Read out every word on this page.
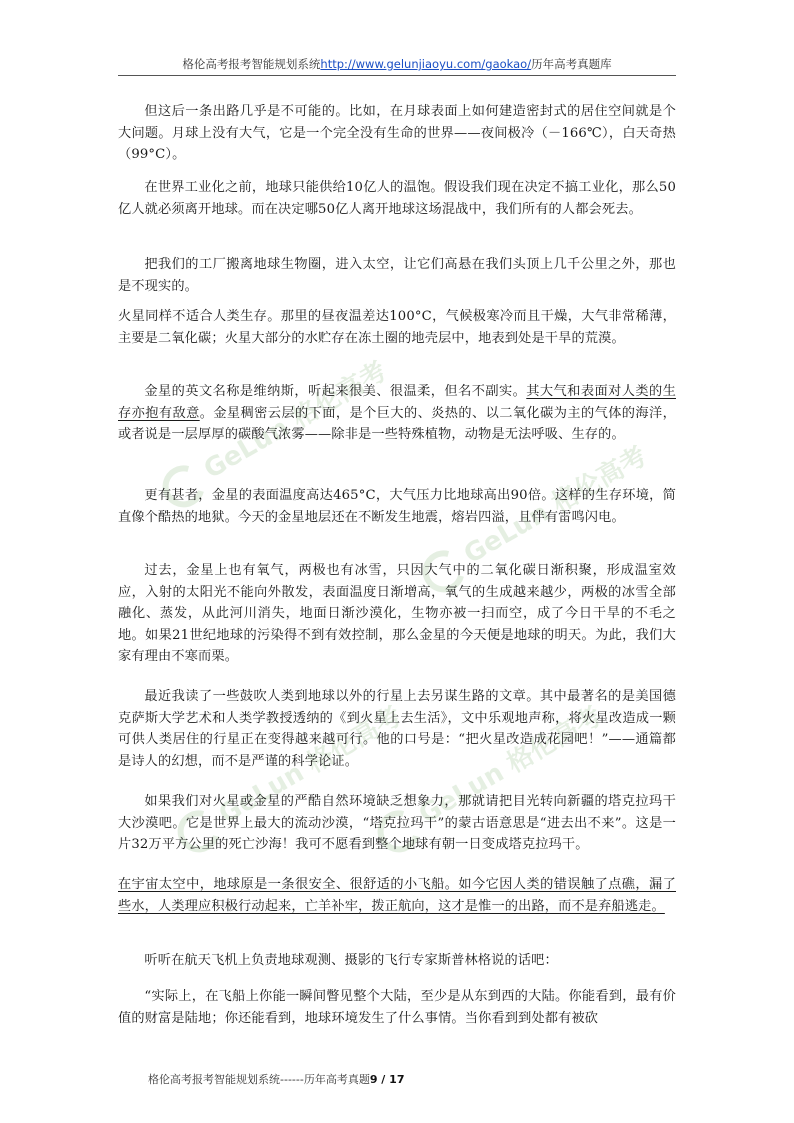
GeLun 格伦高考
GeLun 格伦高考
GeLun 格伦高考
GeLun 格伦高考
格伦高考报考智能规划系统http://www.gelunjiaoyu.com/gaokao/历年高考真题库

但这后一条出路几乎是不可能的。比如，在月球表面上如何建造密封式的居住空间就是个大问题。月球上没有大气，它是一个完全没有生命的世界——夜间极冷（－166℃），白天奇热（99°C）。

在世界工业化之前，地球只能供给10亿人的温饱。假设我们现在决定不搞工业化，那么50亿人就必须离开地球。而在决定哪50亿人离开地球这场混战中，我们所有的人都会死去。

把我们的工厂搬离地球生物圈，进入太空，让它们高悬在我们头顶上几千公里之外，那也是不现实的。

火星同样不适合人类生存。那里的昼夜温差达100°C，气候极寒冷而且干燥，大气非常稀薄，主要是二氧化碳；火星大部分的水贮存在冻土圈的地壳层中，地表到处是干旱的荒漠。

金星的英文名称是维纳斯，听起来很美、很温柔，但名不副实。其大气和表面对人类的生存亦抱有敌意。金星稠密云层的下面，是个巨大的、炎热的、以二氧化碳为主的气体的海洋，或者说是一层厚厚的碳酸气浓雾——除非是一些特殊植物，动物是无法呼吸、生存的。

更有甚者，金星的表面温度高达465°C，大气压力比地球高出90倍。这样的生存环境，简直像个酷热的地狱。今天的金星地层还在不断发生地震，熔岩四溢，且伴有雷鸣闪电。

过去，金星上也有氧气，两极也有冰雪，只因大气中的二氧化碳日渐积聚，形成温室效应，入射的太阳光不能向外散发，表面温度日渐增高，氧气的生成越来越少，两极的冰雪全部融化、蒸发，从此河川消失，地面日渐沙漠化，生物亦被一扫而空，成了今日干旱的不毛之地。如果21世纪地球的污染得不到有效控制，那么金星的今天便是地球的明天。为此，我们大家有理由不寒而栗。

最近我读了一些鼓吹人类到地球以外的行星上去另谋生路的文章。其中最著名的是美国德克萨斯大学艺术和人类学教授透纳的《到火星上去生活》，文中乐观地声称，将火星改造成一颗可供人类居住的行星正在变得越来越可行。他的口号是：“把火星改造成花园吧！”——通篇都是诗人的幻想，而不是严谨的科学论证。

如果我们对火星或金星的严酷自然环境缺乏想象力，那就请把目光转向新疆的塔克拉玛干大沙漠吧。它是世界上最大的流动沙漠，“塔克拉玛干”的蒙古语意思是“进去出不来”。这是一片32万平方公里的死亡沙海！我可不愿看到整个地球有朝一日变成塔克拉玛干。

在宇宙太空中，地球原是一条很安全、很舒适的小飞船。如今它因人类的错误触了点礁，漏了些水，人类理应积极行动起来，亡羊补牢，拨正航向，这才是惟一的出路，而不是弃船逃走。

听听在航天飞机上负责地球观测、摄影的飞行专家斯普林格说的话吧：

“实际上，在飞船上你能一瞬间瞥见整个大陆，至少是从东到西的大陆。你能看到，最有价值的财富是陆地；你还能看到，地球环境发生了什么事情。当你看到到处都有被砍

格伦高考报考智能规划系统------历年高考真题9 / 17
